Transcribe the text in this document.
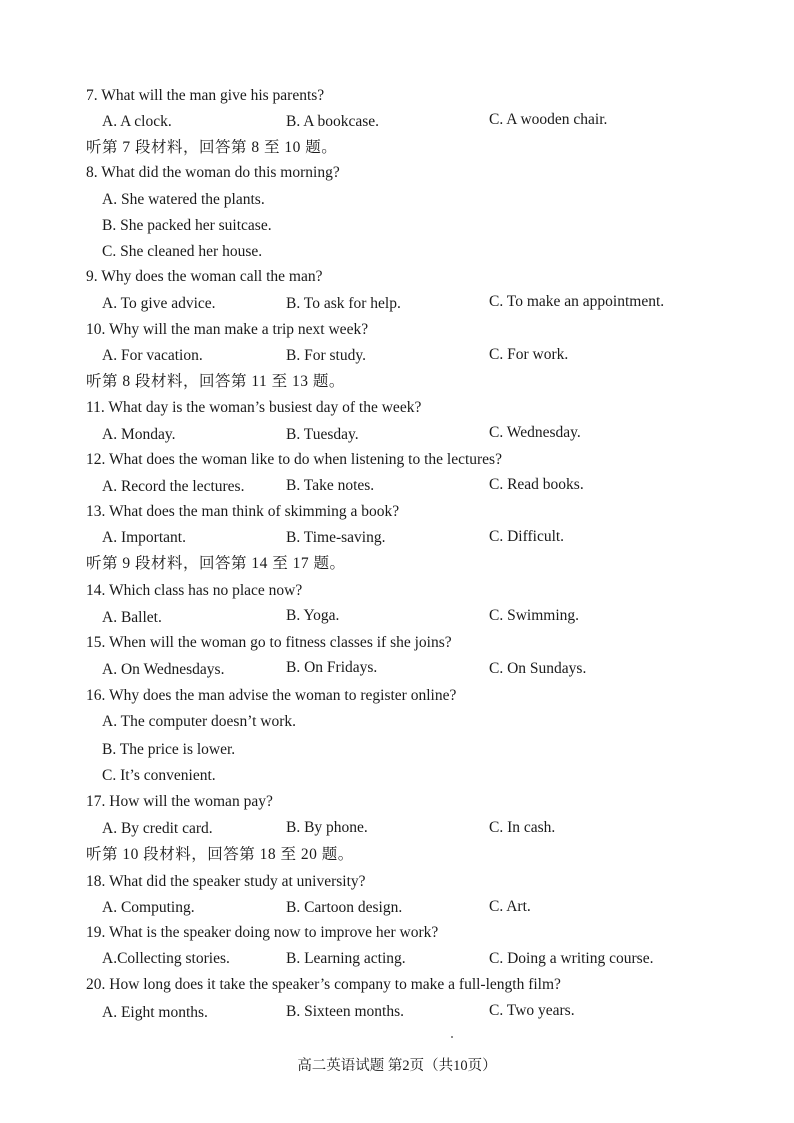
7. What will the man give his parents?
A. A clock.	B. A bookcase.	C. A wooden chair.
听第 7 段材料，回答第 8 至 10 题。
8. What did the woman do this morning?
A. She watered the plants.
B. She packed her suitcase.
C. She cleaned her house.
9. Why does the woman call the man?
A. To give advice.	B. To ask for help.	C. To make an appointment.
10. Why will the man make a trip next week?
A. For vacation.	B. For study.	C. For work.
听第 8 段材料，回答第 11 至 13 题。
11. What day is the woman’s busiest day of the week?
A. Monday.	B. Tuesday.	C. Wednesday.
12. What does the woman like to do when listening to the lectures?
A. Record the lectures.	B. Take notes.	C. Read books.
13. What does the man think of skimming a book?
A. Important.	B. Time-saving.	C. Difficult.
听第 9 段材料，回答第 14 至 17 题。
14. Which class has no place now?
A. Ballet.	B. Yoga.	C. Swimming.
15. When will the woman go to fitness classes if she joins?
A. On Wednesdays.	B. On Fridays.	C. On Sundays.
16. Why does the man advise the woman to register online?
A. The computer doesn’t work.
B. The price is lower.
C. It’s convenient.
17. How will the woman pay?
A. By credit card.	B. By phone.	C. In cash.
听第 10 段材料，回答第 18 至 20 题。
18. What did the speaker study at university?
A. Computing.	B. Cartoon design.	C. Art.
19. What is the speaker doing now to improve her work?
A.Collecting stories.	B. Learning acting.	C. Doing a writing course.
20. How long does it take the speaker’s company to make a full-length film?
A. Eight months.	B. Sixteen months.	C. Two years.
高二英语试题 第2页（共10页）
